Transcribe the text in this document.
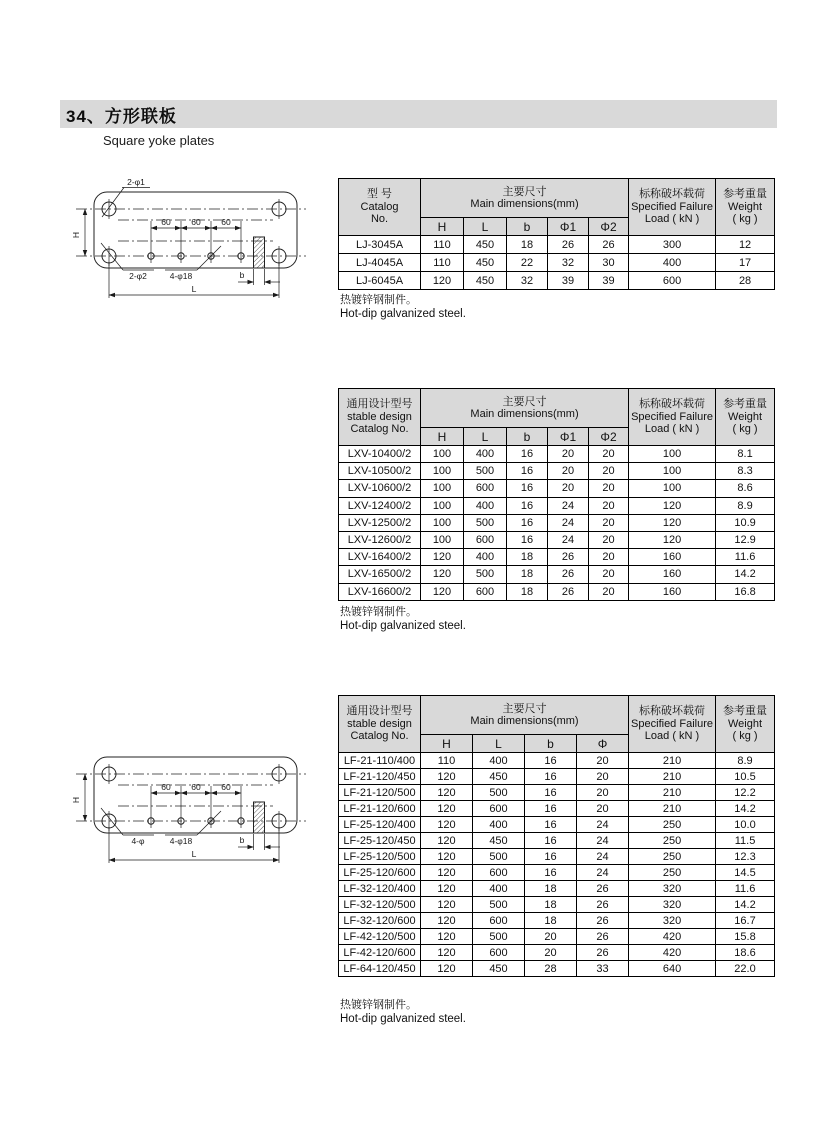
34、方形联板
Square yoke plates
2-φ1
2-φ2	4-φ18
60 60 60
H
b
L
型 号
Catalog
No.

主要尺寸
Main dimensions(mm)

标称破坏载荷
Specified Failure
Load ( kN )

参考重量
Weight
( kg )

	H	L	b	Φ1	Φ2		
LJ-3045A	110	450	18	26	26	300	12
LJ-4045A	110	450	22	32	30	400	17
LJ-6045A	120	450	32	39	39	600	28
热镀锌钢制件。
Hot-dip galvanized steel.
通用设计型号
stable design
Catalog No.

主要尺寸
Main dimensions(mm)

标称破坏载荷
Specified Failure
Load ( kN )

参考重量
Weight
( kg )

	H	L	b	Φ1	Φ2		
LXV-10400/2	100	400	16	20	20	100	8.1
LXV-10500/2	100	500	16	20	20	100	8.3
LXV-10600/2	100	600	16	20	20	100	8.6
LXV-12400/2	100	400	16	24	20	120	8.9
LXV-12500/2	100	500	16	24	20	120	10.9
LXV-12600/2	100	600	16	24	20	120	12.9
LXV-16400/2	120	400	18	26	20	160	11.6
LXV-16500/2	120	500	18	26	20	160	14.2
LXV-16600/2	120	600	18	26	20	160	16.8
热镀锌钢制件。
Hot-dip galvanized steel.
4-φ	4-φ18
60 60 60
H
b
L
通用设计型号
stable design
Catalog No.

主要尺寸
Main dimensions(mm)

标称破坏载荷
Specified Failure
Load ( kN )

参考重量
Weight
( kg )

	H	L	b	Φ		
LF-21-110/400	110	400	16	20	210	8.9
LF-21-120/450	120	450	16	20	210	10.5
LF-21-120/500	120	500	16	20	210	12.2
LF-21-120/600	120	600	16	20	210	14.2
LF-25-120/400	120	400	16	24	250	10.0
LF-25-120/450	120	450	16	24	250	11.5
LF-25-120/500	120	500	16	24	250	12.3
LF-25-120/600	120	600	16	24	250	14.5
LF-32-120/400	120	400	18	26	320	11.6
LF-32-120/500	120	500	18	26	320	14.2
LF-32-120/600	120	600	18	26	320	16.7
LF-42-120/500	120	500	20	26	420	15.8
LF-42-120/600	120	600	20	26	420	18.6
LF-64-120/450	120	450	28	33	640	22.0
热镀锌钢制件。
Hot-dip galvanized steel.
